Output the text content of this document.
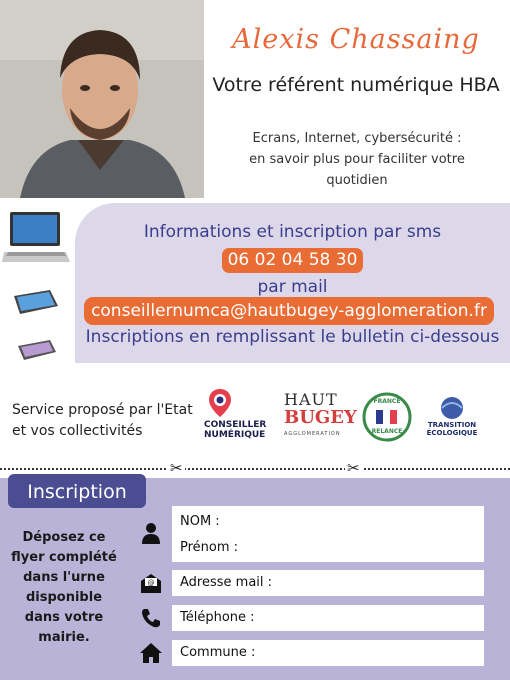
Alexis Chassaing
Votre référent numérique HBA
Ecrans, Internet, cybersécurité :
en savoir plus pour faciliter votre
quotidien
Informations et inscription par sms
06 02 04 58 30
par mail
conseillernumca@hautbugey-agglomeration.fr
Inscriptions en remplissant le bulletin ci-dessous
Service proposé par l'Etat
et vos collectivités	CONSEILLER
NUMÉRIQUE
HAUT
BUGEY
AGGLOMERATION
FRANCE
RELANCE
TRANSITION
ÉCOLOGIQUE
✂	✂
Inscription
Déposez ce
flyer complété
dans l'urne
disponible
dans votre
mairie.
NOM :
Prénom :
Adresse mail :
@
Téléphone :
Commune :
